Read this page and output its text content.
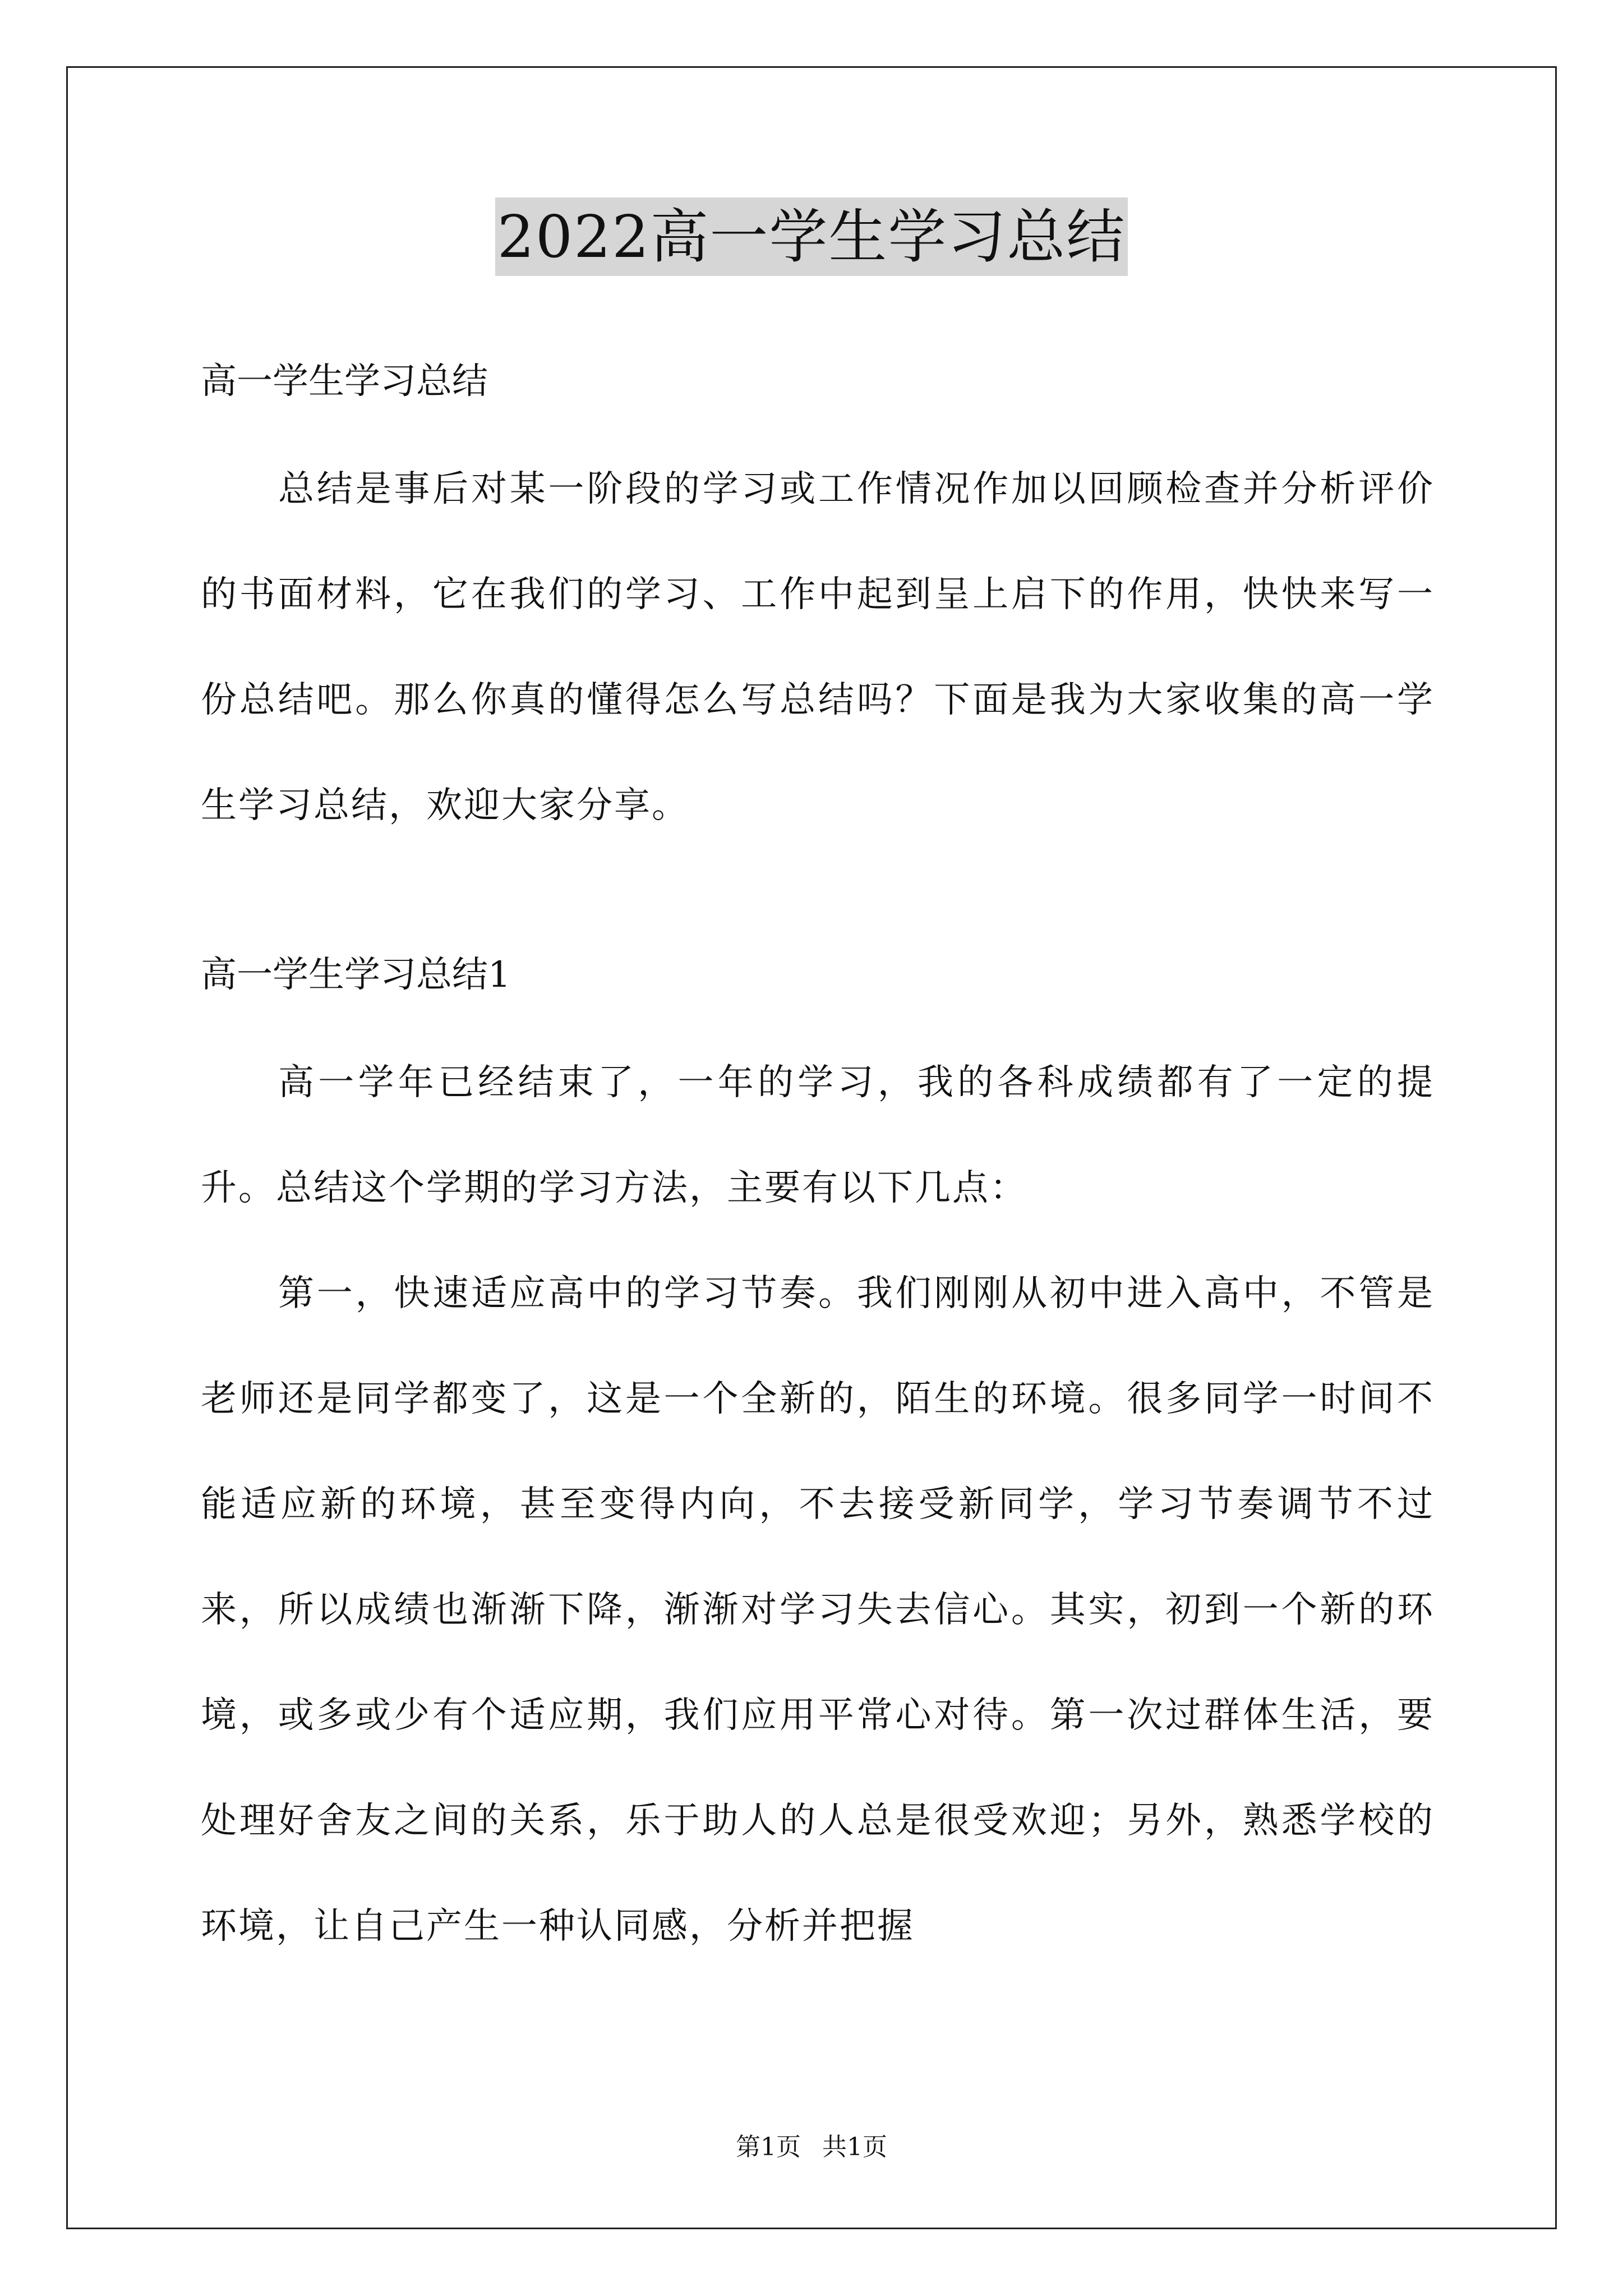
2022高一学生学习总结
高一学生学习总结
总结是事后对某一阶段的学习或工作情况作加以回顾检查并分析评价的书面材料，它在我们的学习、工作中起到呈上启下的作用，快快来写一份总结吧。那么你真的懂得怎么写总结吗？下面是我为大家收集的高一学生学习总结，欢迎大家分享。
高一学生学习总结1
高一学年已经结束了，一年的学习，我的各科成绩都有了一定的提升。总结这个学期的学习方法，主要有以下几点：
第一，快速适应高中的学习节奏。我们刚刚从初中进入高中，不管是老师还是同学都变了，这是一个全新的，陌生的环境。很多同学一时间不能适应新的环境，甚至变得内向，不去接受新同学，学习节奏调节不过来，所以成绩也渐渐下降，渐渐对学习失去信心。其实，初到一个新的环境，或多或少有个适应期，我们应用平常心对待。第一次过群体生活，要处理好舍友之间的关系，乐于助人的人总是很受欢迎；另外，熟悉学校的环境，让自己产生一种认同感，分析并把握
第1页 共1页
